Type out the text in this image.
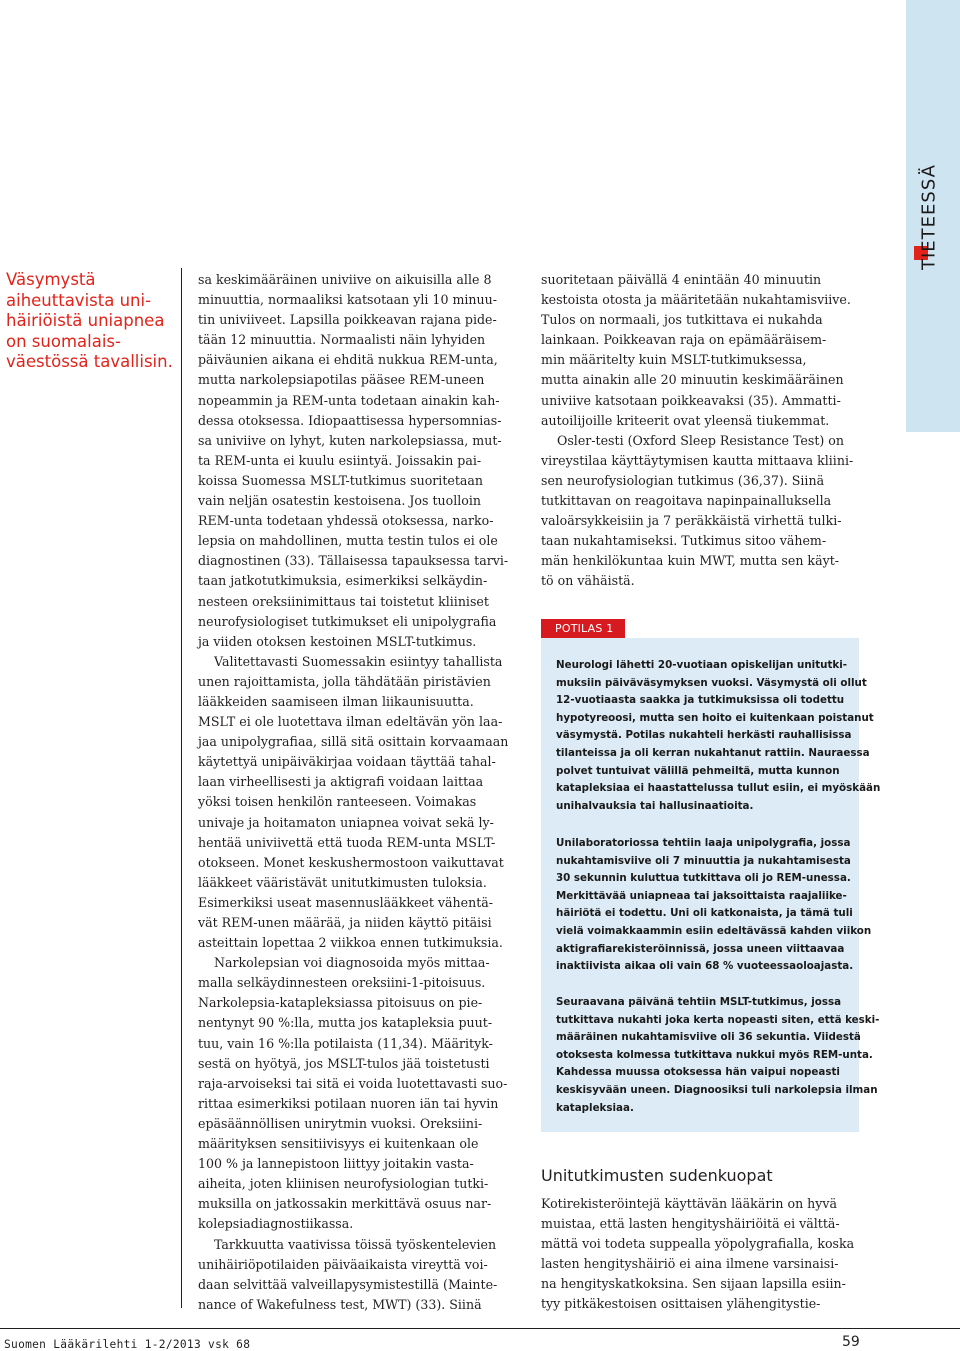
TIETEESSÄ
Väsymystä
aiheuttavista uni-
häiriöistä uniapnea
on suomalais-
väestössä tavallisin.

sa keskimääräinen univiive on aikuisilla alle 8
minuuttia, normaaliksi katsotaan yli 10 minuu-
tin univiiveet. Lapsilla poikkeavan rajana pide-
tään 12 minuuttia. Normaalisti näin lyhyiden
päiväunien aikana ei ehditä nukkua REM-unta,
mutta narkolepsiapotilas pääsee REM-uneen
nopeammin ja REM-unta todetaan ainakin kah-
dessa otoksessa. Idiopaattisessa hypersomnias-
sa univiive on lyhyt, kuten narkolepsiassa, mut-
ta REM-unta ei kuulu esiintyä. Joissakin pai-
koissa Suomessa MSLT-tutkimus suoritetaan
vain neljän osatestin kestoisena. Jos tuolloin
REM-unta todetaan yhdessä otoksessa, narko-
lepsia on mahdollinen, mutta testin tulos ei ole
diagnostinen (33). Tällaisessa tapauksessa tarvi-
taan jatkotutkimuksia, esimerkiksi selkäydin-
nesteen oreksiinimittaus tai toistetut kliiniset
neurofysiologiset tutkimukset eli unipolygrafia
ja viiden otoksen kestoinen MSLT-tutkimus.

Valitettavasti Suomessakin esiintyy tahallista
unen rajoittamista, jolla tähdätään piristävien
lääkkeiden saamiseen ilman liikaunisuutta.
MSLT ei ole luotettava ilman edeltävän yön laa-
jaa unipolygrafiaa, sillä sitä osittain korvaamaan
käytettyä unipäiväkirjaa voidaan täyttää tahal-
laan virheellisesti ja aktigrafi voidaan laittaa
yöksi toisen henkilön ranteeseen. Voimakas
univaje ja hoitamaton uniapnea voivat sekä ly-
hentää univiivettä että tuoda REM-unta MSLT-
otokseen. Monet keskushermostoon vaikuttavat
lääkkeet vääristävät unitutkimusten tuloksia.
Esimerkiksi useat masennuslääkkeet vähentä-
vät REM-unen määrää, ja niiden käyttö pitäisi
asteittain lopettaa 2 viikkoa ennen tutkimuksia.

Narkolepsian voi diagnosoida myös mittaa-
malla selkäydinnesteen oreksiini-1-pitoisuus.
Narkolepsia-katapleksiassa pitoisuus on pie-
nentynyt 90 %:lla, mutta jos katapleksia puut-
tuu, vain 16 %:lla potilaista (11,34). Määrityk-
sestä on hyötyä, jos MSLT-tulos jää toistetusti
raja-arvoiseksi tai sitä ei voida luotettavasti suo-
rittaa esimerkiksi potilaan nuoren iän tai hyvin
epäsäännöllisen unirytmin vuoksi. Oreksiini-
määrityksen sensitiivisyys ei kuitenkaan ole
100 % ja lannepistoon liittyy joitakin vasta-
aiheita, joten kliinisen neurofysiologian tutki-
muksilla on jatkossakin merkittävä osuus nar-
kolepsiadiagnostiikassa.

Tarkkuutta vaativissa töissä työskentelevien
unihäiriöpotilaiden päiväaikaista vireyttä voi-
daan selvittää valveillapysymistestillä (Mainte-
nance of Wakefulness test, MWT) (33). Siinä

suoritetaan päivällä 4 enintään 40 minuutin
kestoista otosta ja määritetään nukahtamisviive.
Tulos on normaali, jos tutkittava ei nukahda
lainkaan. Poikkeavan raja on epämääräisem-
min määritelty kuin MSLT-tutkimuksessa,
mutta ainakin alle 20 minuutin keskimääräinen
univiive katsotaan poikkeavaksi (35). Ammatti-
autoilijoille kriteerit ovat yleensä tiukemmat.

Osler-testi (Oxford Sleep Resistance Test) on
vireystilaa käyttäytymisen kautta mittaava kliini-
sen neurofysiologian tutkimus (36,37). Siinä
tutkittavan on reagoitava napinpainalluksella
valoärsykkeisiin ja 7 peräkkäistä virhettä tulki-
taan nukahtamiseksi. Tutkimus sitoo vähem-
män henkilökuntaa kuin MWT, mutta sen käyt-
tö on vähäistä.

POTILAS 1

Neurologi lähetti 20-vuotiaan opiskelijan unitutki-
muksiin päiväväsymyksen vuoksi. Väsymystä oli ollut
12-vuotiaasta saakka ja tutkimuksissa oli todettu
hypotyreoosi, mutta sen hoito ei kuitenkaan poistanut
väsymystä. Potilas nukahteli herkästi rauhallisissa
tilanteissa ja oli kerran nukahtanut rattiin. Nauraessa
polvet tuntuivat välillä pehmeiltä, mutta kunnon
katapleksiaa ei haastattelussa tullut esiin, ei myöskään
unihalvauksia tai hallusinaatioita.

Unilaboratoriossa tehtiin laaja unipolygrafia, jossa
nukahtamisviive oli 7 minuuttia ja nukahtamisesta
30 sekunnin kuluttua tutkittava oli jo REM-unessa.
Merkittävää uniapneaa tai jaksoittaista raajaliike-
häiriötä ei todettu. Uni oli katkonaista, ja tämä tuli
vielä voimakkaammin esiin edeltävässä kahden viikon
aktigrafiarekisteröinnissä, jossa uneen viittaavaa
inaktiivista aikaa oli vain 68 % vuoteessaoloajasta.

Seuraavana päivänä tehtiin MSLT-tutkimus, jossa
tutkittava nukahti joka kerta nopeasti siten, että keski-
määräinen nukahtamisviive oli 36 sekuntia. Viidestä
otoksesta kolmessa tutkittava nukkui myös REM-unta.
Kahdessa muussa otoksessa hän vaipui nopeasti
keskisyvään uneen. Diagnoosiksi tuli narkolepsia ilman
katapleksiaa.

Unitutkimusten sudenkuopat
Kotirekisteröintejä käyttävän lääkärin on hyvä
muistaa, että lasten hengityshäiriöitä ei välttä-
mättä voi todeta suppealla yöpolygrafialla, koska
lasten hengityshäiriö ei aina ilmene varsinaisi-
na hengityskatkoksina. Sen sijaan lapsilla esiin-
tyy pitkäkestoisen osittaisen ylähengitystie-
Suomen Lääkärilehti 1-2/2013 vsk 68	59
